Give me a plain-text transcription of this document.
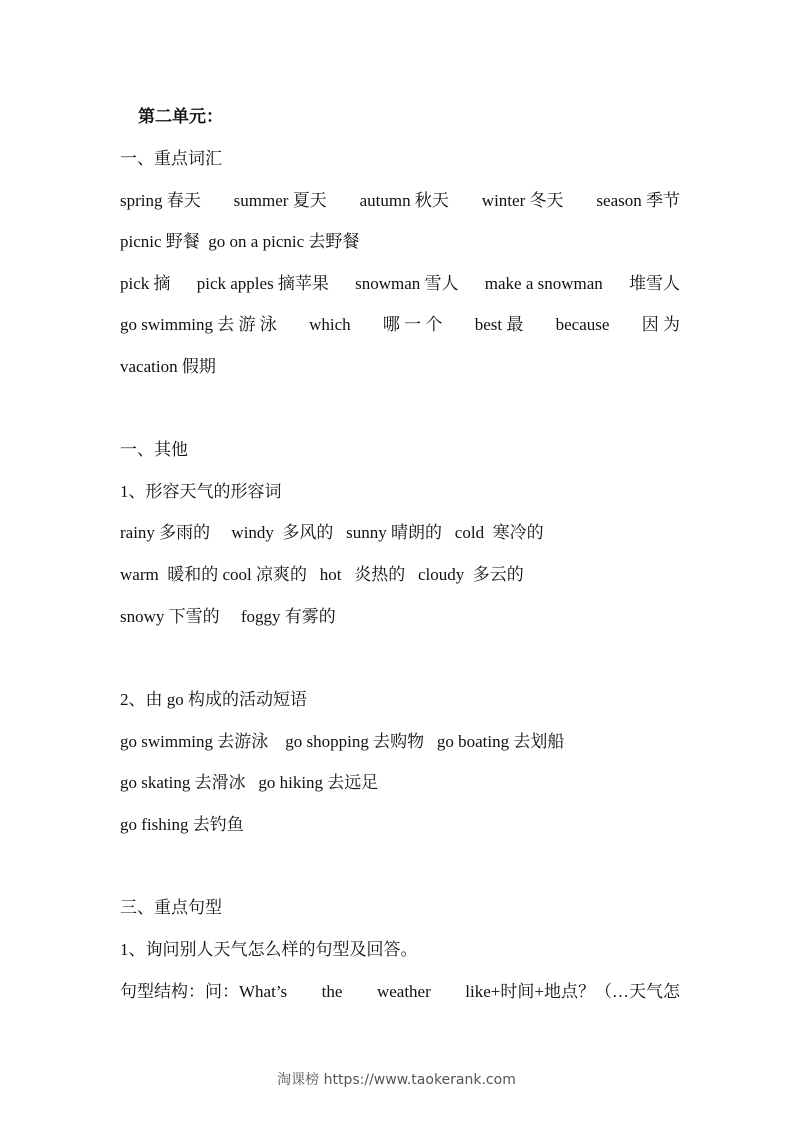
第二单元：
一、重点词汇
spring 春天 summer 夏天 autumn 秋天 winter 冬天 season 季节
picnic 野餐 go on a picnic 去野餐
pick 摘 pick apples 摘苹果 snowman 雪人 make a snowman 堆雪人
go swimming 去 游 泳 which 哪 一 个 best 最 because 因 为
vacation 假期
一、其他
1、形容天气的形容词
rainy 多雨的     windy  多风的   sunny 晴朗的   cold  寒冷的
warm  暖和的 cool 凉爽的   hot   炎热的   cloudy  多云的
snowy 下雪的     foggy 有雾的
2、由 go 构成的活动短语
go swimming 去游泳    go shopping 去购物   go boating 去划船
go skating 去滑冰   go hiking 去远足
go fishing 去钓鱼
三、重点句型
1、询问别人天气怎么样的句型及回答。
句型结构：问：What’s the weather like+时间+地点？（…天气怎
淘课榜 https://www.taokerank.com
